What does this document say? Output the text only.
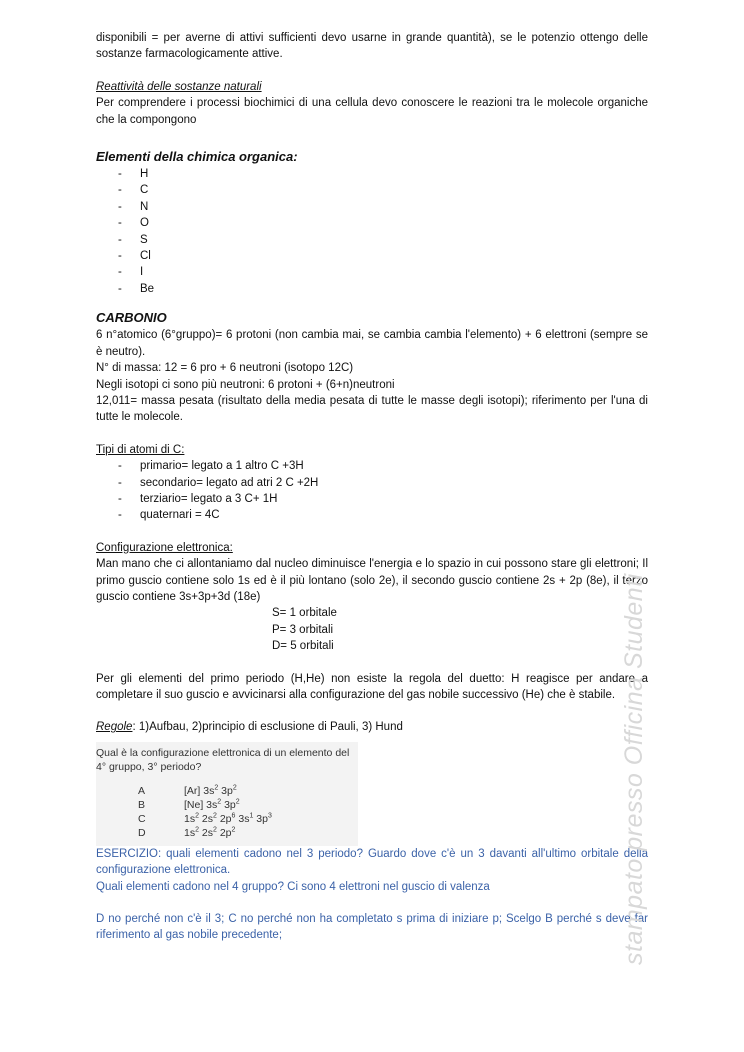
disponibili = per averne di attivi sufficienti devo usarne in grande quantità), se le potenzio ottengo delle sostanze farmacologicamente attive.

Reattività delle sostanze naturali

Per comprendere i processi biochimici di una cellula devo conoscere le reazioni tra le molecole organiche che la compongono

Elementi della chimica organica:

- H
- C
- N
- O
- S
- Cl
- I
- Be

CARBONIO

6 n°atomico (6°gruppo)= 6 protoni (non cambia mai, se cambia cambia l'elemento) + 6 elettroni (sempre se è neutro).

N° di massa: 12 = 6 pro + 6 neutroni (isotopo 12C)

Negli isotopi ci sono più neutroni: 6 protoni + (6+n)neutroni

12,011= massa pesata (risultato della media pesata di tutte le masse degli isotopi); riferimento per l'una di tutte le molecole.

Tipi di atomi di C:

- primario= legato a 1 altro C +3H
- secondario= legato ad atri 2 C +2H
- terziario= legato a 3 C+ 1H
- quaternari = 4C

Configurazione elettronica:

Man mano che ci allontaniamo dal nucleo diminuisce l'energia e lo spazio in cui possono stare gli elettroni; Il primo guscio contiene solo 1s ed è il più lontano (solo 2e), il secondo guscio contiene 2s + 2p (8e), il terzo guscio contiene 3s+3p+3d (18e)

S= 1 orbitale

P= 3 orbitali

D= 5 orbitali

Per gli elementi del primo periodo (H,He) non esiste la regola del duetto: H reagisce per andare a completare il suo guscio e avvicinarsi alla configurazione del gas nobile successivo (He) che è stabile.

Regole: 1)Aufbau, 2)principio di esclusione di Pauli, 3) Hund

Qual è la configurazione elettronica di un elemento del
4° gruppo, 3° periodo?
A	[Ar] $3s^2$ $3p^2$
B	[Ne] $3s^2$ $3p^2$
C	$1s^2$ $2s^2$ $2p^6$ $3s^1$ $3p^3$
D	$1s^2$ $2s^2$ $2p^2$

ESERCIZIO: quali elementi cadono nel 3 periodo? Guardo dove c'è un 3 davanti all'ultimo orbitale della configurazione elettronica.

Quali elementi cadono nel 4 gruppo? Ci sono 4 elettroni nel guscio di valenza

D no perché non c'è il 3; C no perché non ha completato s prima di iniziare p; Scelgo B perché s deve far riferimento al gas nobile precedente;	stampato presso Officina Studenti
